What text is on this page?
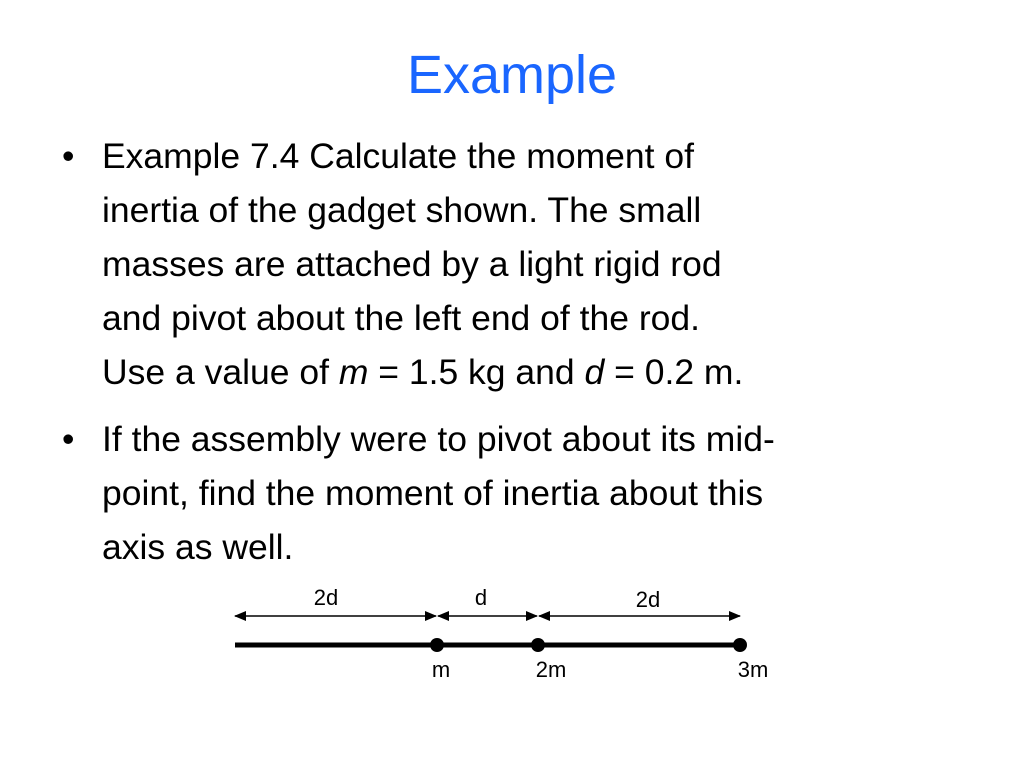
Example
• Example 7.4 Calculate the moment of
inertia of the gadget shown. The small
masses are attached by a light rigid rod
and pivot about the left end of the rod.
Use a value of m = 1.5 kg and d = 0.2 m.
• If the assembly were to pivot about its mid-
point, find the moment of inertia about this
axis as well.
2d	d	2d
m	2m	3m
